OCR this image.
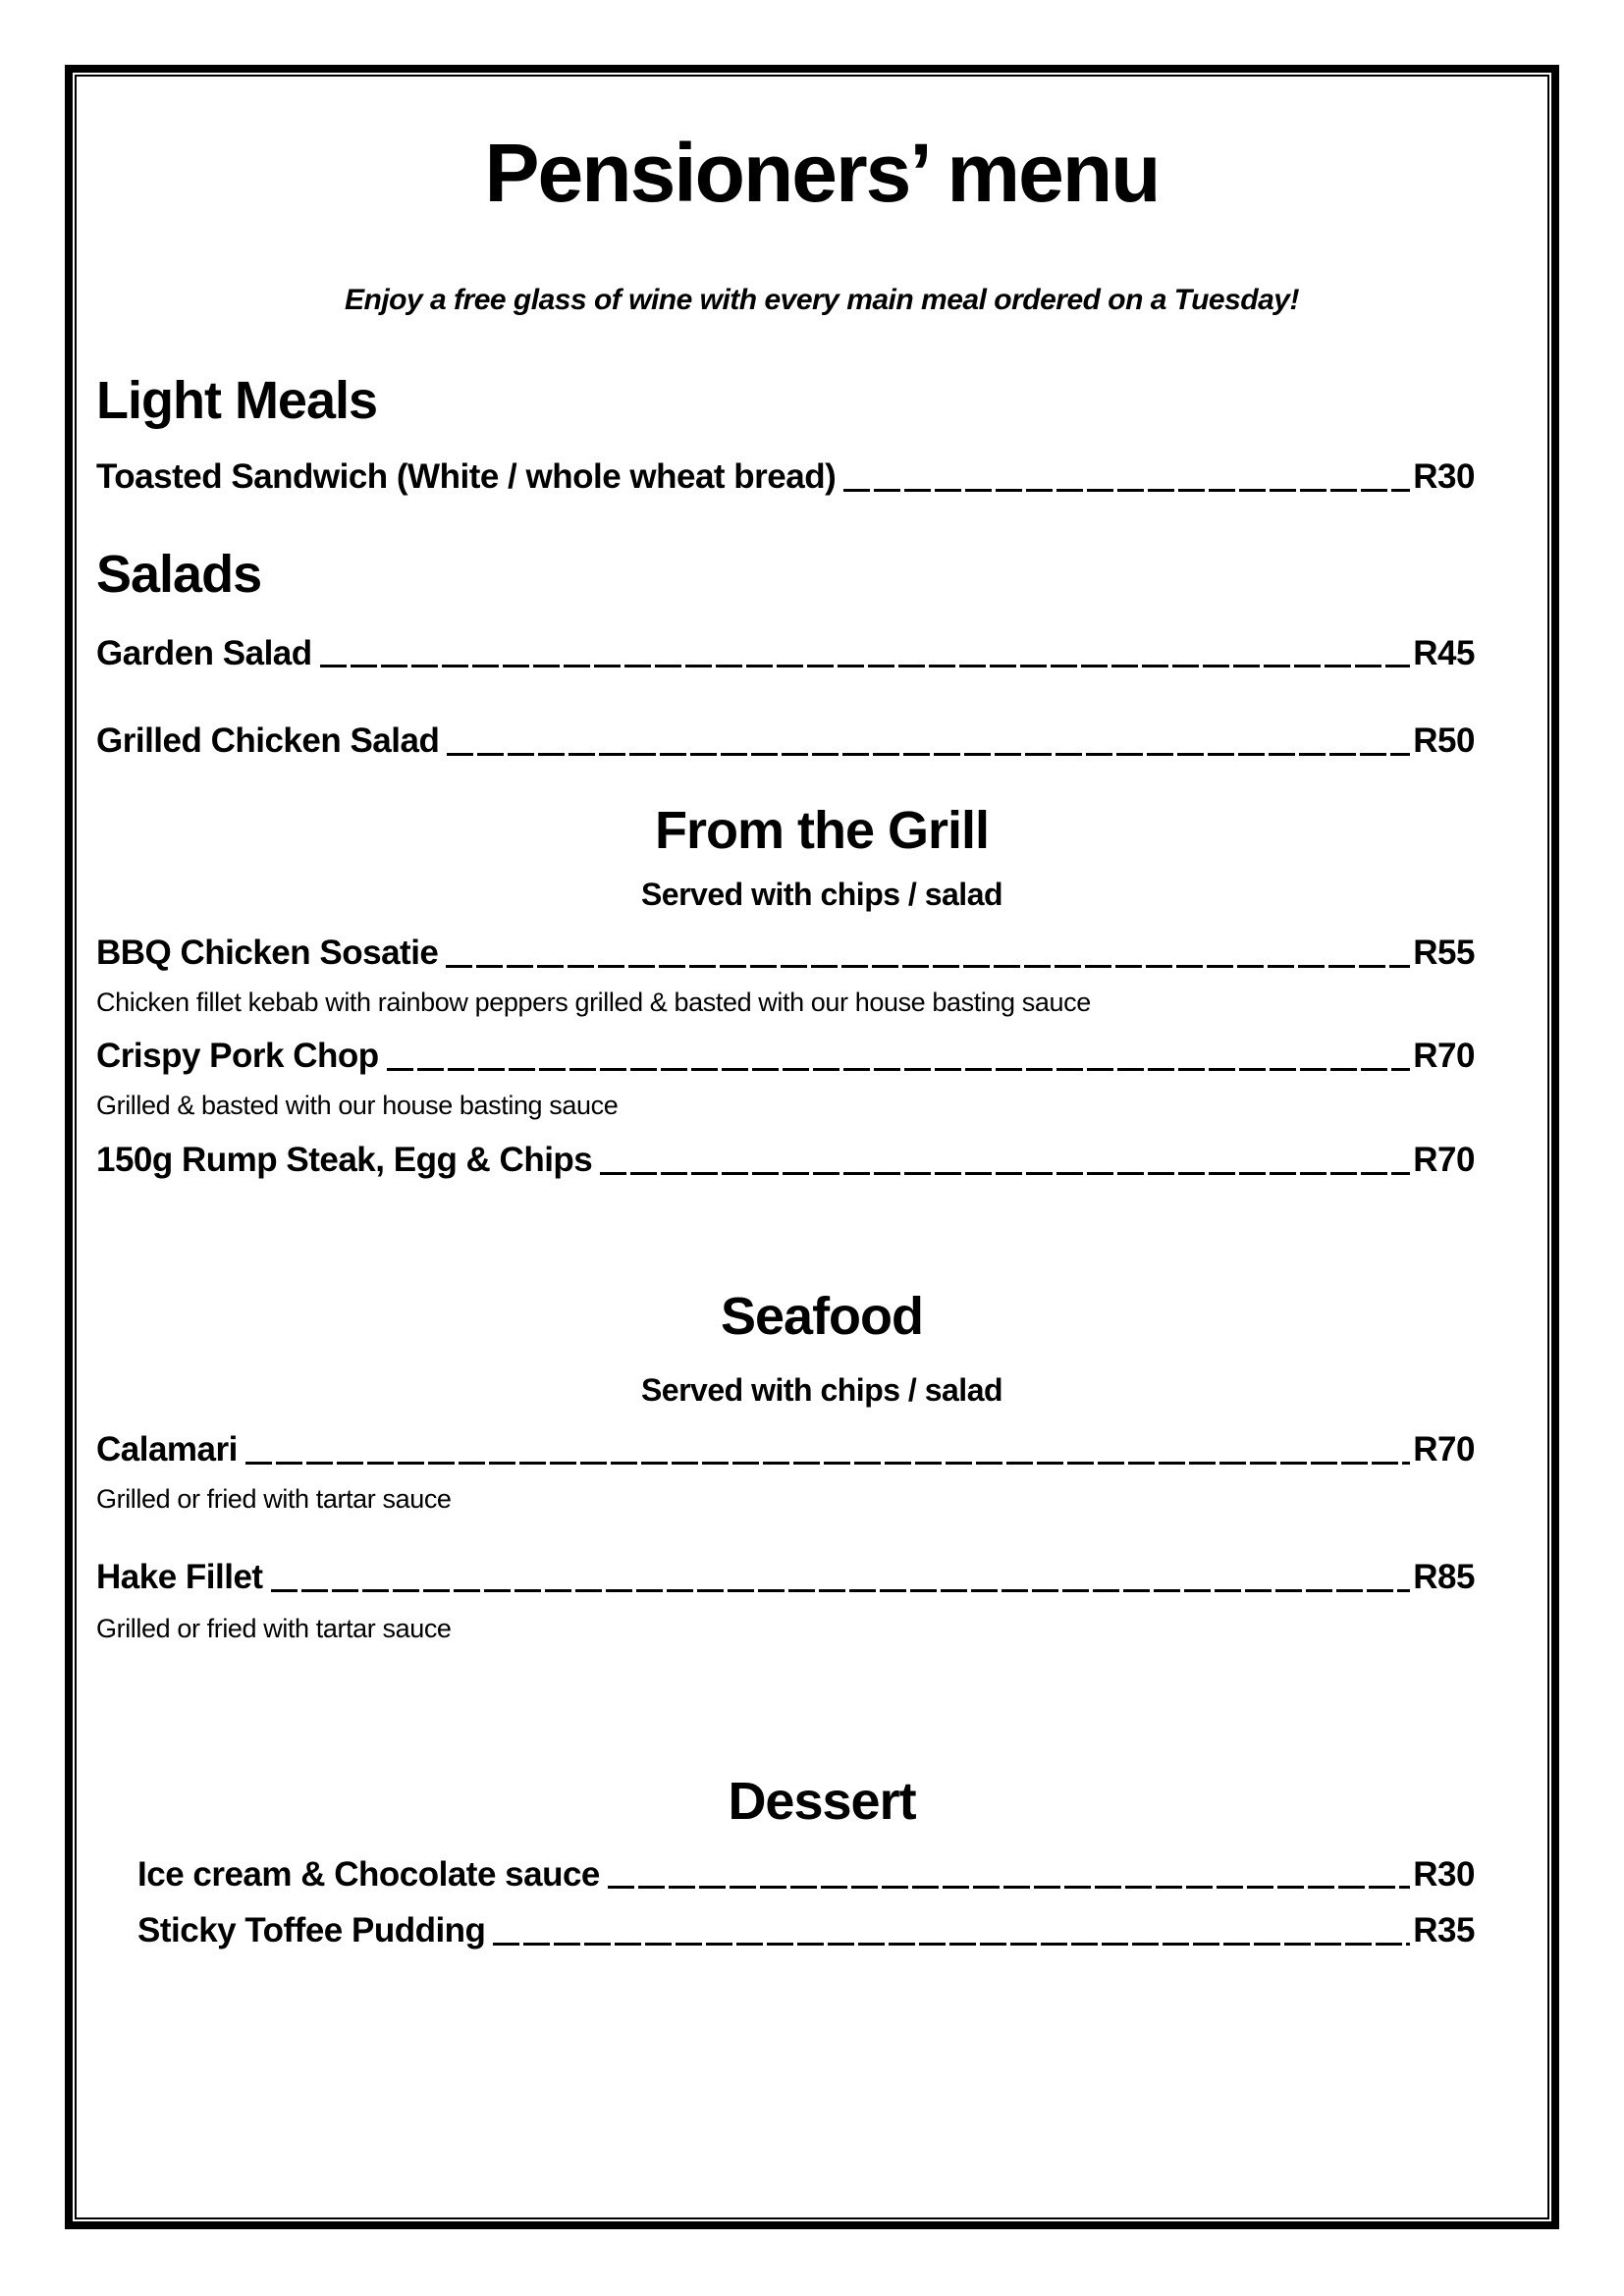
Pensioners’ menu
Enjoy a free glass of wine with every main meal ordered on a Tuesday!
Light Meals
Toasted Sandwich (White / whole wheat bread)	R30
Salads
Garden Salad	R45
Grilled Chicken Salad	R50
From the Grill
Served with chips / salad
BBQ Chicken Sosatie	R55
Chicken fillet kebab with rainbow peppers grilled & basted with our house basting sauce
Crispy Pork Chop	R70
Grilled & basted with our house basting sauce
150g Rump Steak, Egg & Chips	R70
Seafood
Served with chips / salad
Calamari	R70
Grilled or fried with tartar sauce
Hake Fillet	R85
Grilled or fried with tartar sauce
Dessert
Ice cream & Chocolate sauce	R30
Sticky Toffee Pudding	R35
